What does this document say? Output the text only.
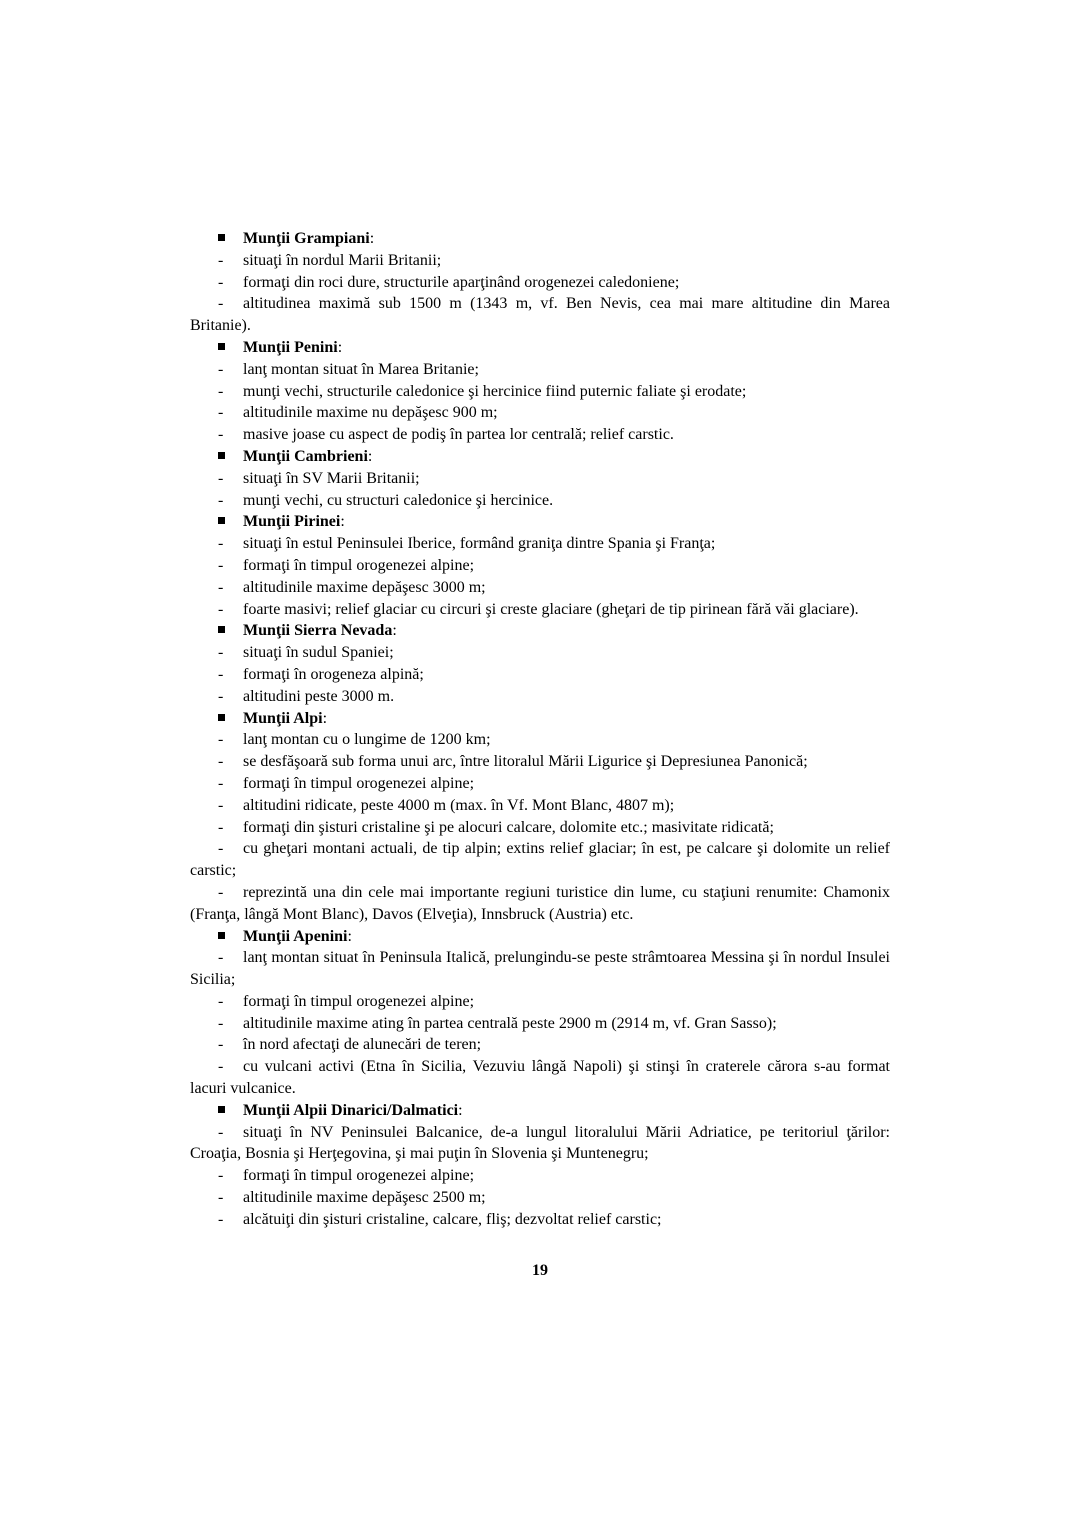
Munţii Grampiani:

- situaţi în nordul Marii Britanii;

- formaţi din roci dure, structurile aparţinând orogenezei caledoniene;

- altitudinea maximă sub 1500 m (1343 m, vf. Ben Nevis, cea mai mare altitudine din Marea Britanie).

Munţii Penini:

- lanţ montan situat în Marea Britanie;

- munţi vechi, structurile caledonice şi hercinice fiind puternic faliate şi erodate;

- altitudinile maxime nu depăşesc 900 m;

- masive joase cu aspect de podiş în partea lor centrală; relief carstic.

Munţii Cambrieni:

- situaţi în SV Marii Britanii;

- munţi vechi, cu structuri caledonice şi hercinice.

Munţii Pirinei:

- situaţi în estul Peninsulei Iberice, formând graniţa dintre Spania şi Franţa;

- formaţi în timpul orogenezei alpine;

- altitudinile maxime depăşesc 3000 m;

- foarte masivi; relief glaciar cu circuri şi creste glaciare (gheţari de tip pirinean fără văi glaciare).

Munţii Sierra Nevada:

- situaţi în sudul Spaniei;

- formaţi în orogeneza alpină;

- altitudini peste 3000 m.

Munţii Alpi:

- lanţ montan cu o lungime de 1200 km;

- se desfăşoară sub forma unui arc, între litoralul Mării Ligurice şi Depresiunea Panonică;

- formaţi în timpul orogenezei alpine;

- altitudini ridicate, peste 4000 m (max. în Vf. Mont Blanc, 4807 m);

- formaţi din şisturi cristaline şi pe alocuri calcare, dolomite etc.; masivitate ridicată;

- cu gheţari montani actuali, de tip alpin; extins relief glaciar; în est, pe calcare şi dolomite un relief carstic;

- reprezintă una din cele mai importante regiuni turistice din lume, cu staţiuni renumite: Chamonix (Franţa, lângă Mont Blanc), Davos (Elveţia), Innsbruck (Austria) etc.

Munţii Apenini:

- lanţ montan situat în Peninsula Italică, prelungindu-se peste strâmtoarea Messina şi în nordul Insulei Sicilia;

- formaţi în timpul orogenezei alpine;

- altitudinile maxime ating în partea centrală peste 2900 m (2914 m, vf. Gran Sasso);

- în nord afectaţi de alunecări de teren;

- cu vulcani activi (Etna în Sicilia, Vezuviu lângă Napoli) şi stinşi în craterele cărora s-au format lacuri vulcanice.

Munţii Alpii Dinarici/Dalmatici:

- situaţi în NV Peninsulei Balcanice, de-a lungul litoralului Mării Adriatice, pe teritoriul ţărilor: Croaţia, Bosnia şi Herţegovina, şi mai puţin în Slovenia şi Muntenegru;

- formaţi în timpul orogenezei alpine;

- altitudinile maxime depăşesc 2500 m;

- alcătuiţi din şisturi cristaline, calcare, fliş; dezvoltat relief carstic;

19
